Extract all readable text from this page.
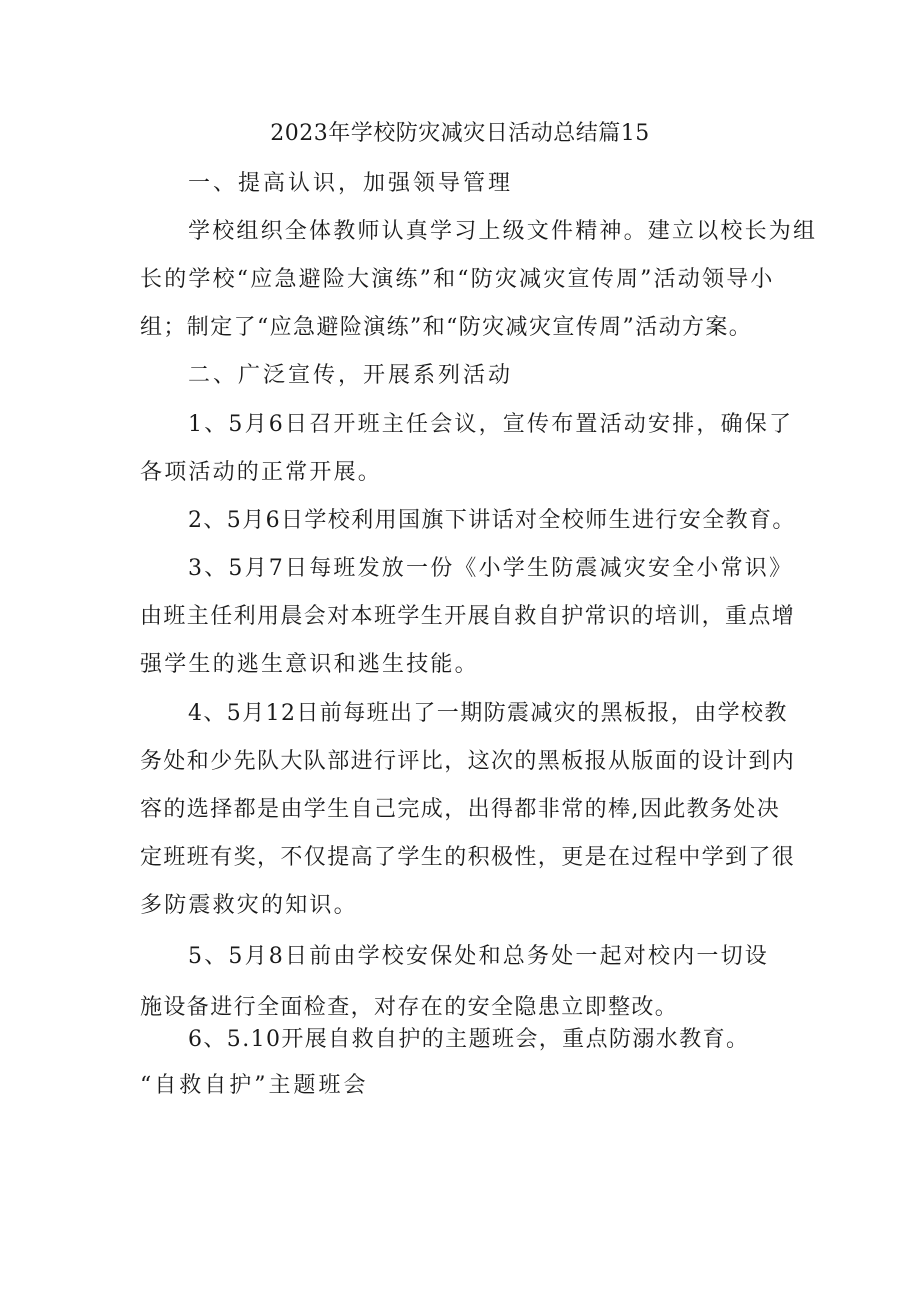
2023年学校防灾减灾日活动总结篇15
一、提高认识，加强领导管理
学校组织全体教师认真学习上级文件精神。建立以校长为组
长的学校“应急避险大演练”和“防灾减灾宣传周”活动领导小
组；制定了“应急避险演练”和“防灾减灾宣传周”活动方案。
二、广泛宣传，开展系列活动
1、5月6日召开班主任会议，宣传布置活动安排，确保了
各项活动的正常开展。
2、5月6日学校利用国旗下讲话对全校师生进行安全教育。
3、5月7日每班发放一份《小学生防震减灾安全小常识》
由班主任利用晨会对本班学生开展自救自护常识的培训，重点增
强学生的逃生意识和逃生技能。
4、5月12日前每班出了一期防震减灾的黑板报，由学校教
务处和少先队大队部进行评比，这次的黑板报从版面的设计到内
容的选择都是由学生自己完成，出得都非常的棒,因此教务处决
定班班有奖，不仅提高了学生的积极性，更是在过程中学到了很
多防震救灾的知识。
5、5月8日前由学校安保处和总务处一起对校内一切设
施设备进行全面检查，对存在的安全隐患立即整改。
6、5.10开展自救自护的主题班会，重点防溺水教育。
“自救自护”主题班会
